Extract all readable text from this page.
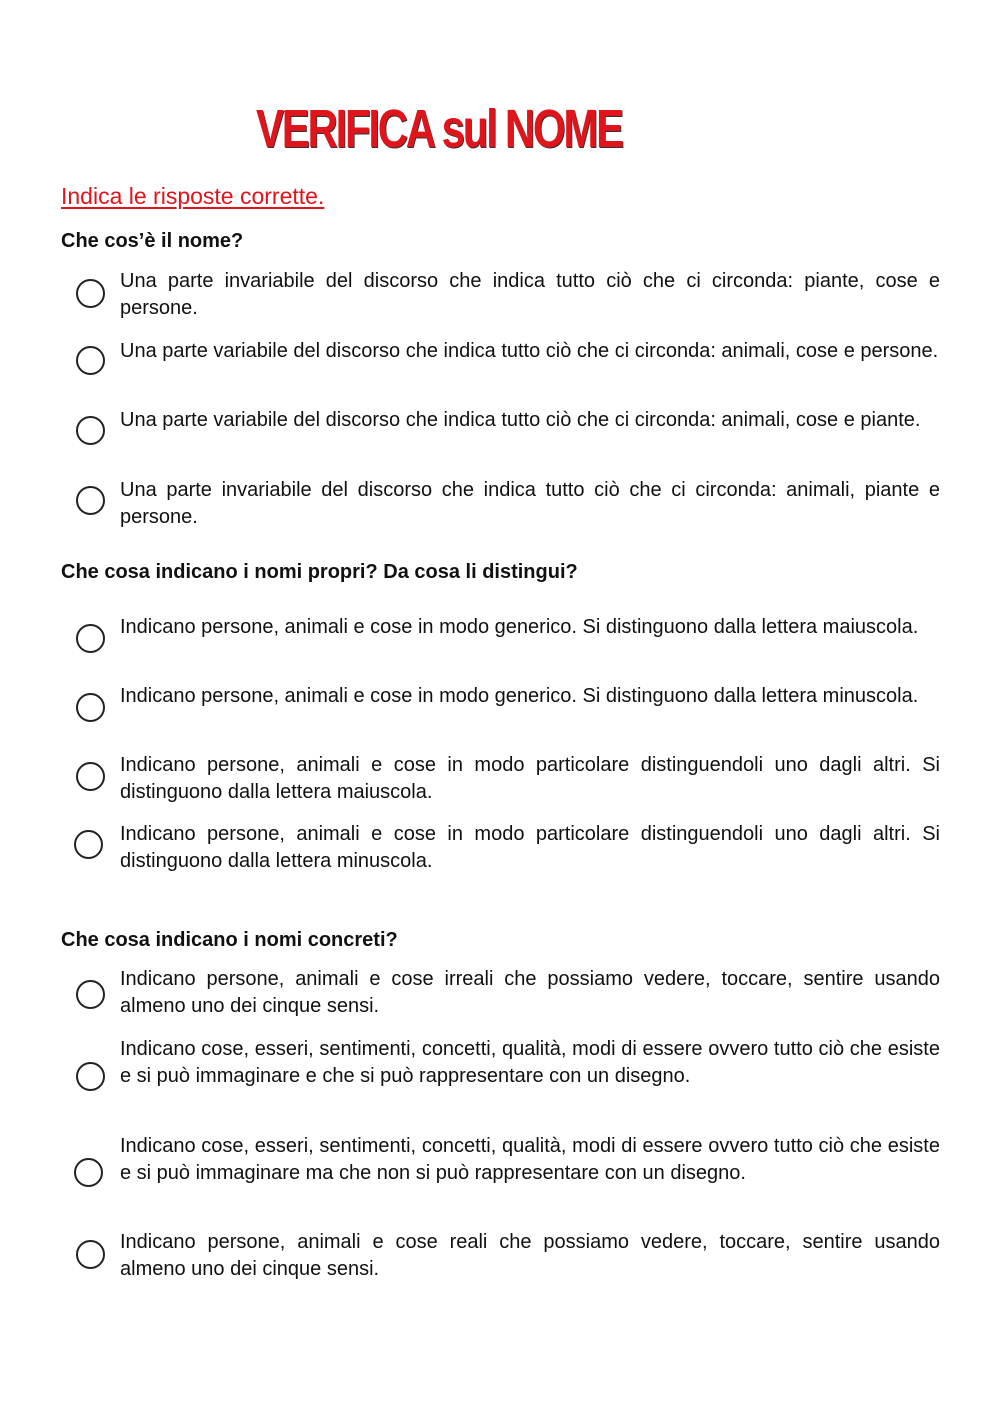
VERIFICA sul NOME
Indica le risposte corrette.
Che cos’è il nome?

Una parte invariabile del discorso che indica tutto ciò che ci circonda: piante, cose e persone.

Una parte variabile del discorso che indica tutto ciò che ci circonda: animali, cose e persone.

Una parte variabile del discorso che indica tutto ciò che ci circonda: animali, cose e piante.

Una parte invariabile del discorso che indica tutto ciò che ci circonda: animali, piante e persone.

Che cosa indicano i nomi propri? Da cosa li distingui?

Indicano persone, animali e cose in modo generico. Si distinguono dalla lettera maiuscola.

Indicano persone, animali e cose in modo generico. Si distinguono dalla lettera minuscola.

Indicano persone, animali e cose in modo particolare distinguendoli uno dagli altri. Si distinguono dalla lettera maiuscola.

Indicano persone, animali e cose in modo particolare distinguendoli uno dagli altri. Si distinguono dalla lettera minuscola.

Che cosa indicano i nomi concreti?

Indicano persone, animali e cose irreali che possiamo vedere, toccare, sentire usando almeno uno dei cinque sensi.

Indicano cose, esseri, sentimenti, concetti, qualità, modi di essere ovvero tutto ciò che esiste e si può immaginare e che si può rappresentare con un disegno.

Indicano cose, esseri, sentimenti, concetti, qualità, modi di essere ovvero tutto ciò che esiste e si può immaginare ma che non si può rappresentare con un disegno.

Indicano persone, animali e cose reali che possiamo vedere, toccare, sentire usando almeno uno dei cinque sensi.
